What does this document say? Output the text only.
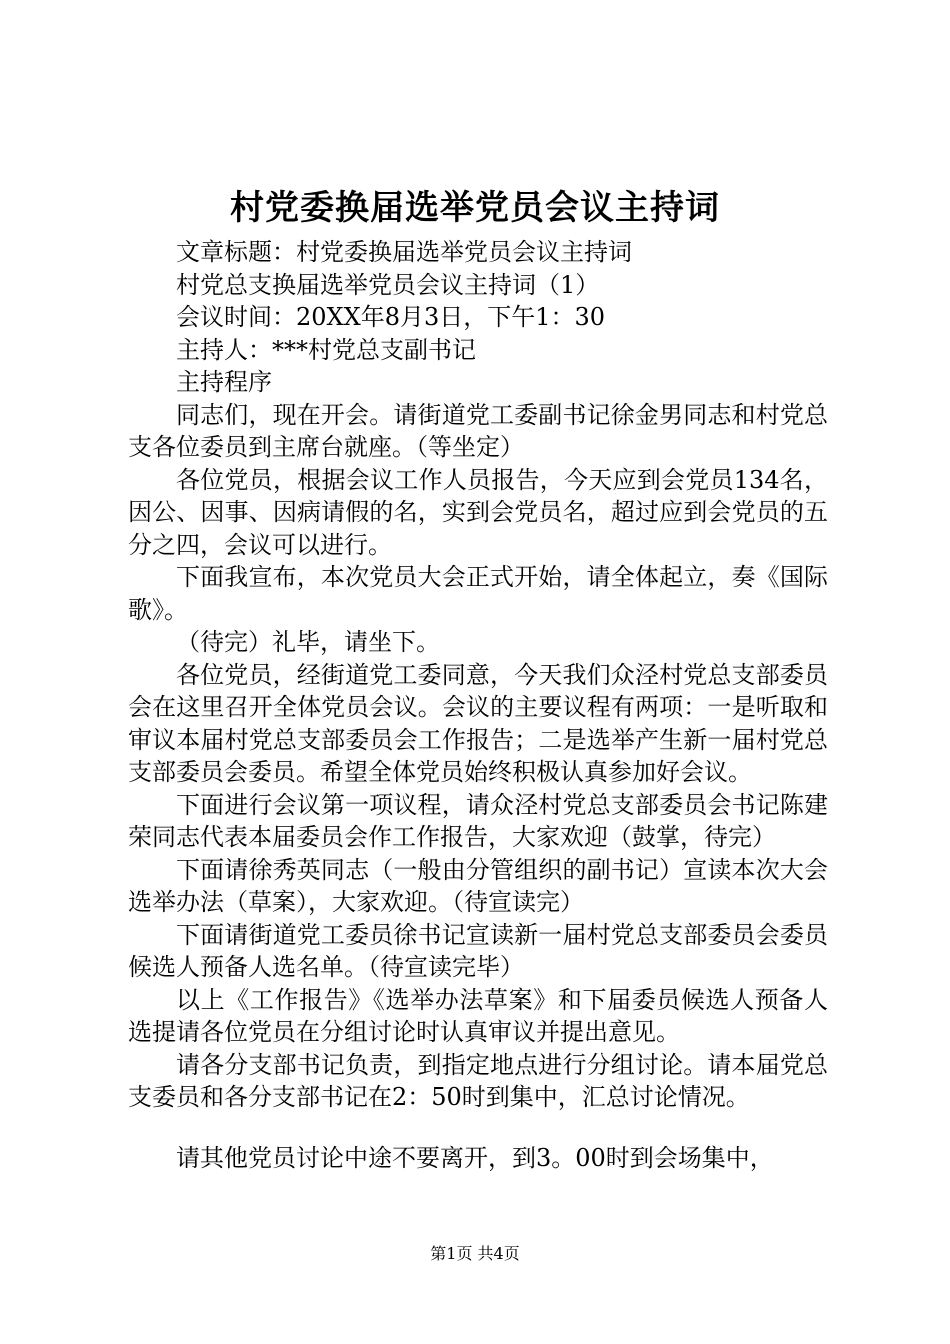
村党委换届选举党员会议主持词

文章标题：村党委换届选举党员会议主持词

村党总支换届选举党员会议主持词（1）

会议时间：20XX年8月3日，下午1：30

主持人：***村党总支副书记

主持程序

同志们，现在开会。请街道党工委副书记徐金男同志和村党总支各位委员到主席台就座。（等坐定）

各位党员，根据会议工作人员报告，今天应到会党员134名，因公、因事、因病请假的名，实到会党员名，超过应到会党员的五分之四，会议可以进行。

下面我宣布，本次党员大会正式开始，请全体起立，奏《国际歌》。

（待完）礼毕，请坐下。

各位党员，经街道党工委同意，今天我们众泾村党总支部委员会在这里召开全体党员会议。会议的主要议程有两项：一是听取和审议本届村党总支部委员会工作报告；二是选举产生新一届村党总支部委员会委员。希望全体党员始终积极认真参加好会议。

下面进行会议第一项议程，请众泾村党总支部委员会书记陈建荣同志代表本届委员会作工作报告，大家欢迎（鼓掌，待完）

下面请徐秀英同志（一般由分管组织的副书记）宣读本次大会选举办法（草案），大家欢迎。（待宣读完）

下面请街道党工委员徐书记宣读新一届村党总支部委员会委员候选人预备人选名单。（待宣读完毕）

以上《工作报告》《选举办法草案》和下届委员候选人预备人选提请各位党员在分组讨论时认真审议并提出意见。

请各分支部书记负责，到指定地点进行分组讨论。请本届党总支委员和各分支部书记在2：50时到集中，汇总讨论情况。

请其他党员讨论中途不要离开，到3。00时到会场集中，

第1页 共4页
